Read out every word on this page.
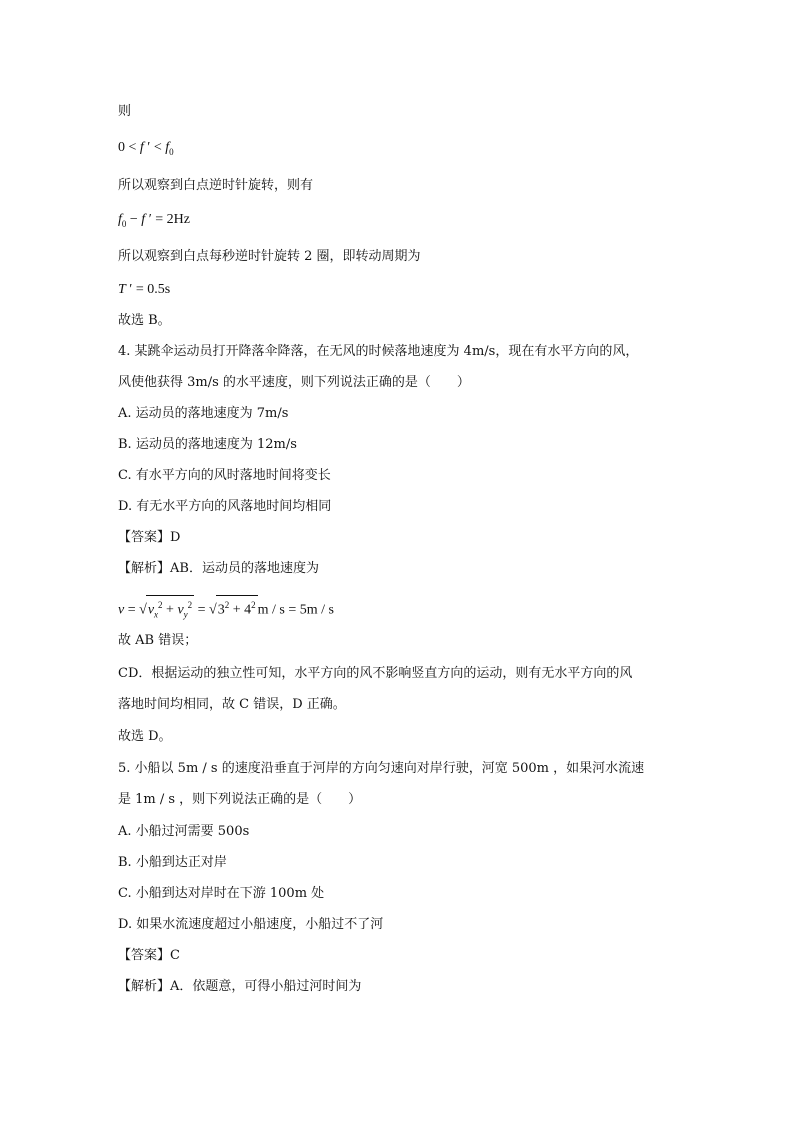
则
0 < f ′ < $f_0$
所以观察到白点逆时针旋转，则有
$f_0 - f$ ′ = 2Hz
所以观察到白点每秒逆时针旋转 2 圈，即转动周期为
T ′ = 0.5s
故选 B。
4. 某跳伞运动员打开降落伞降落，在无风的时候落地速度为 4m/s，现在有水平方向的风，
风使他获得 3m/s 的水平速度，则下列说法正确的是（　　）
A. 运动员的落地速度为 7m/s
B. 运动员的落地速度为 12m/s
C. 有水平方向的风时落地时间将变长
D. 有无水平方向的风落地时间均相同
【答案】D
【解析】AB．运动员的落地速度为
$v = √v_x^2 + v_y^2 = √3^2 + 4^2$ m / s = 5m / s
故 AB 错误；
CD．根据运动的独立性可知，水平方向的风不影响竖直方向的运动，则有无水平方向的风
落地时间均相同，故 C 错误，D 正确。
故选 D。
5. 小船以 5m / s 的速度沿垂直于河岸的方向匀速向对岸行驶，河宽 500m ，如果河水流速
是 1m / s ，则下列说法正确的是（　　）
A. 小船过河需要 500s
B. 小船到达正对岸
C. 小船到达对岸时在下游 100m 处
D. 如果水流速度超过小船速度，小船过不了河
【答案】C
【解析】A．依题意，可得小船过河时间为
